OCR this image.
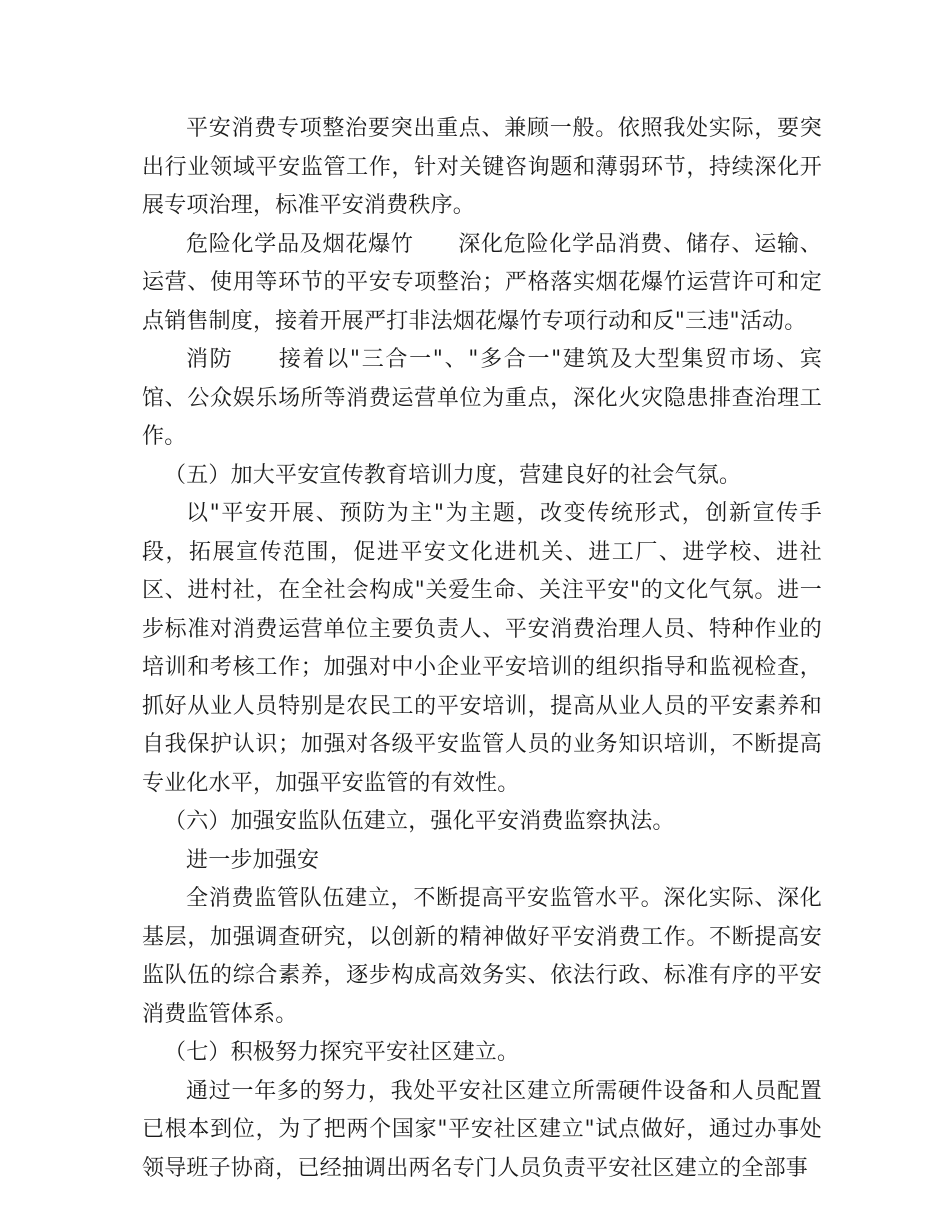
平安消费专项整治要突出重点、兼顾一般。依照我处实际，要突出行业领域平安监管工作，针对关键咨询题和薄弱环节，持续深化开展专项治理，标准平安消费秩序。

危险化学品及烟花爆竹 深化危险化学品消费、储存、运输、运营、使用等环节的平安专项整治；严格落实烟花爆竹运营许可和定点销售制度，接着开展严打非法烟花爆竹专项行动和反"三违"活动。

消防 接着以"三合一"、"多合一"建筑及大型集贸市场、宾馆、公众娱乐场所等消费运营单位为重点，深化火灾隐患排查治理工作。

（五）加大平安宣传教育培训力度，营建良好的社会气氛。

以"平安开展、预防为主"为主题，改变传统形式，创新宣传手段，拓展宣传范围，促进平安文化进机关、进工厂、进学校、进社区、进村社，在全社会构成"关爱生命、关注平安"的文化气氛。进一步标准对消费运营单位主要负责人、平安消费治理人员、特种作业的培训和考核工作；加强对中小企业平安培训的组织指导和监视检查，抓好从业人员特别是农民工的平安培训，提高从业人员的平安素养和自我保护认识；加强对各级平安监管人员的业务知识培训，不断提高专业化水平，加强平安监管的有效性。

（六）加强安监队伍建立，强化平安消费监察执法。

进一步加强安

全消费监管队伍建立，不断提高平安监管水平。深化实际、深化基层，加强调查研究，以创新的精神做好平安消费工作。不断提高安监队伍的综合素养，逐步构成高效务实、依法行政、标准有序的平安消费监管体系。

（七）积极努力探究平安社区建立。

通过一年多的努力，我处平安社区建立所需硬件设备和人员配置已根本到位，为了把两个国家"平安社区建立"试点做好，通过办事处领导班子协商，已经抽调出两名专门人员负责平安社区建立的全部事
